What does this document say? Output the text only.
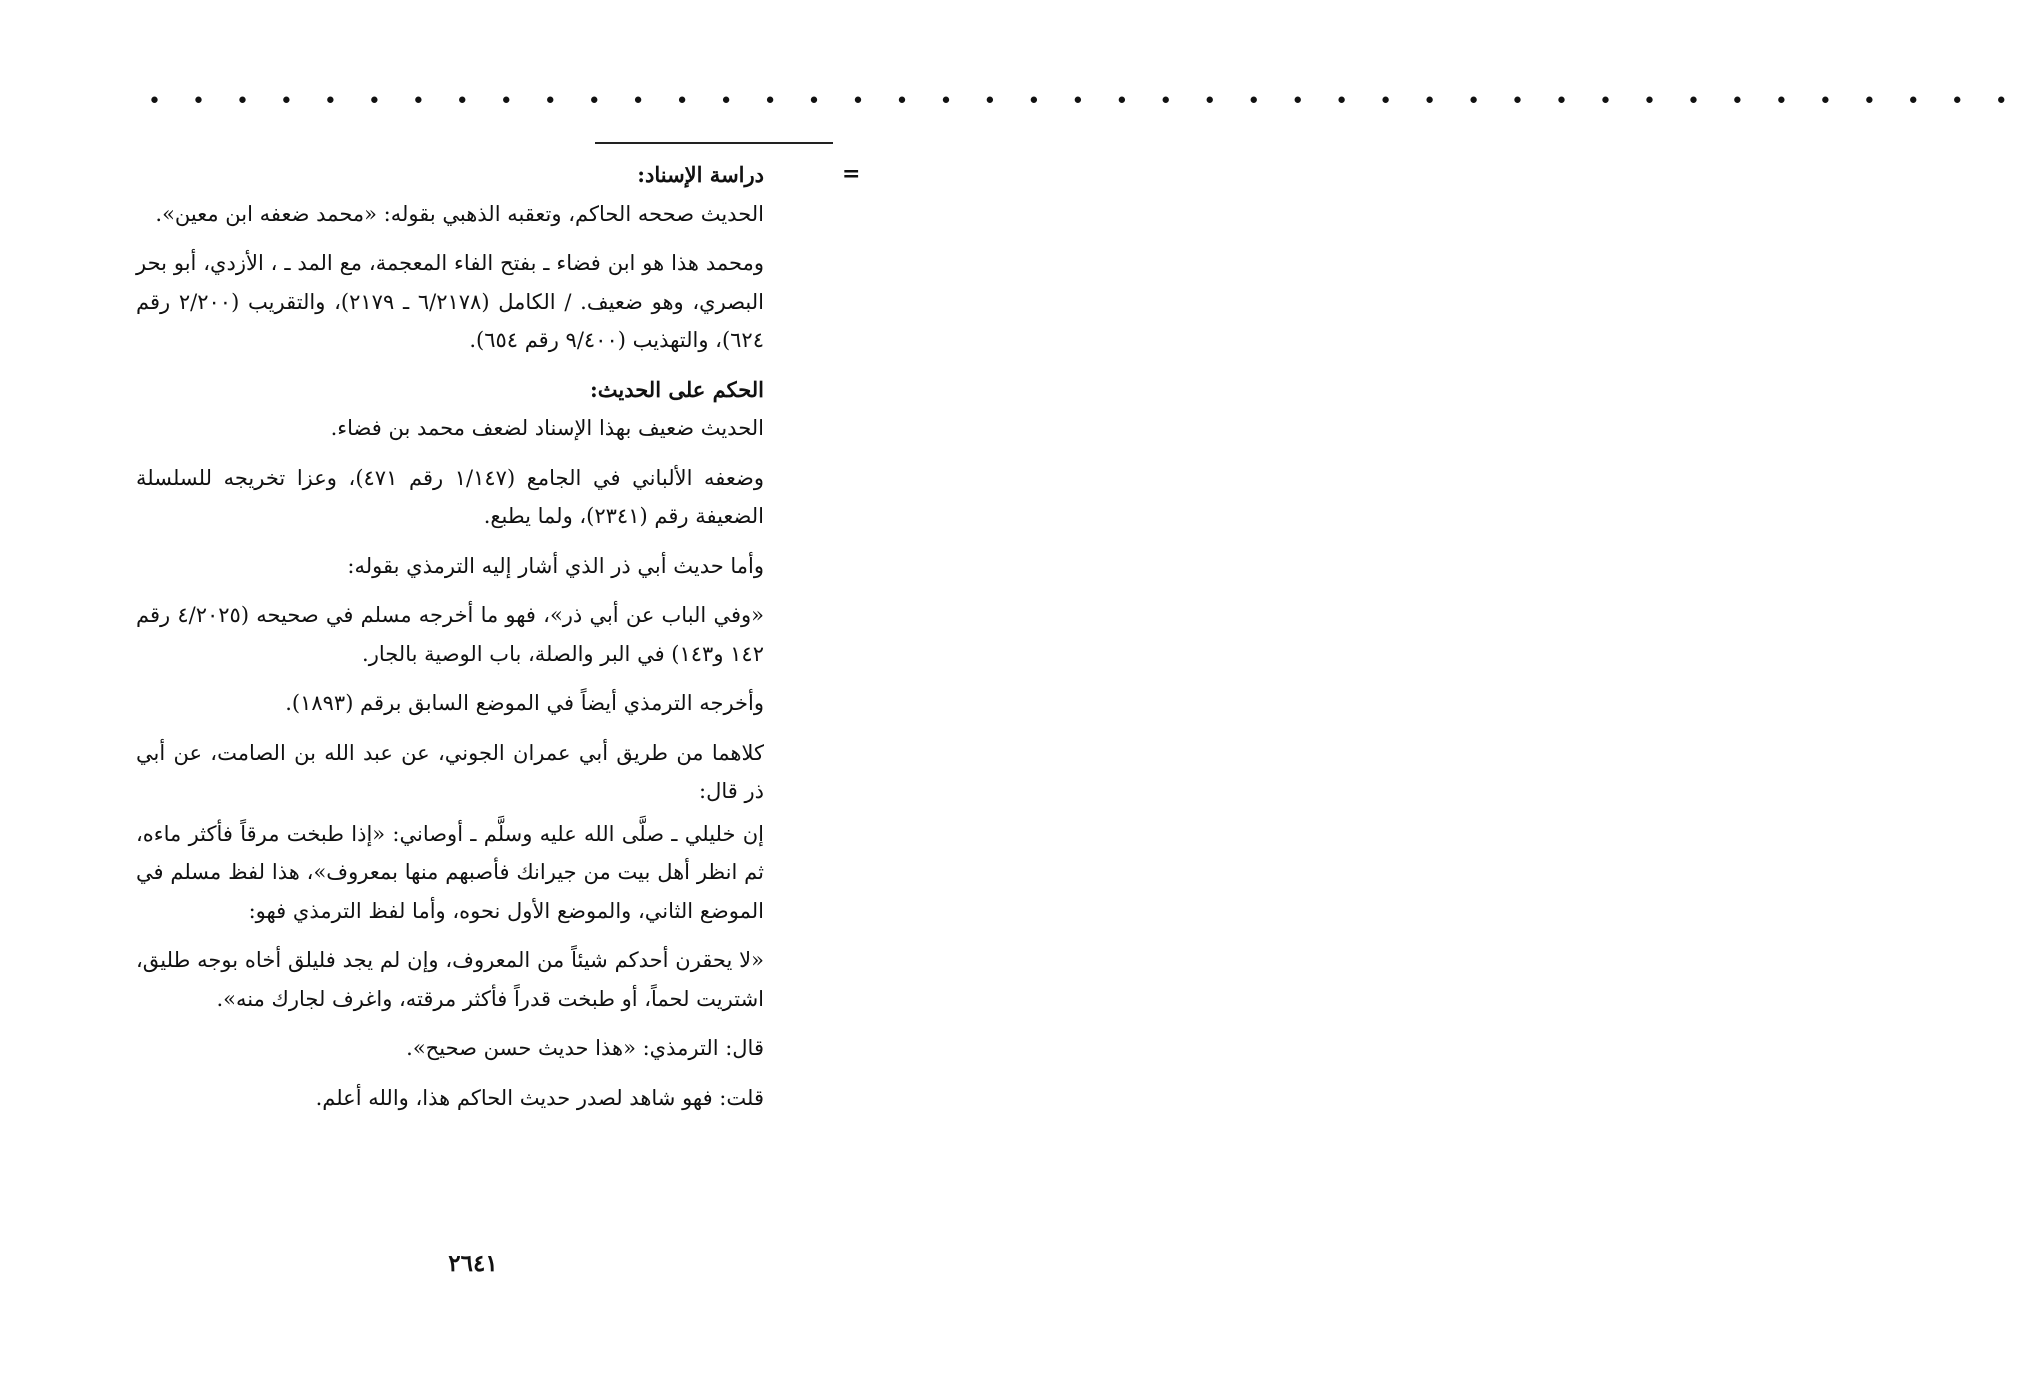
• • • • • • • • • • • • • • • • • • • • • • • • • • • • • • • • • • • • • • • • • • •
=
دراسة الإسناد:

الحديث صححه الحاكم، وتعقبه الذهبي بقوله: «محمد ضعفه ابن معين».

ومحمد هذا هو ابن فضاء ـ بفتح الفاء المعجمة، مع المد ـ ، الأزدي، أبو بحر البصري، وهو ضعيف. / الكامل (٦/٢١٧٨ ـ ٢١٧٩)، والتقريب (٢/٢٠٠ رقم ٦٢٤)، والتهذيب (٩/٤٠٠ رقم ٦٥٤).

الحكم على الحديث:

الحديث ضعيف بهذا الإسناد لضعف محمد بن فضاء.

وضعفه الألباني في الجامع (١/١٤٧ رقم ٤٧١)، وعزا تخريجه للسلسلة الضعيفة رقم (٢٣٤١)، ولما يطبع.

وأما حديث أبي ذر الذي أشار إليه الترمذي بقوله:

«وفي الباب عن أبي ذر»، فهو ما أخرجه مسلم في صحيحه (٤/٢٠٢٥ رقم ١٤٢ و١٤٣) في البر والصلة، باب الوصية بالجار.

وأخرجه الترمذي أيضاً في الموضع السابق برقم (١٨٩٣).

كلاهما من طريق أبي عمران الجوني، عن عبد الله بن الصامت، عن أبي ذر قال:

إن خليلي ـ صلَّى الله عليه وسلَّم ـ أوصاني: «إذا طبخت مرقاً فأكثر ماءه، ثم انظر أهل بيت من جيرانك فأصبهم منها بمعروف»، هذا لفظ مسلم في الموضع الثاني، والموضع الأول نحوه، وأما لفظ الترمذي فهو:

«لا يحقرن أحدكم شيئاً من المعروف، وإن لم يجد فليلق أخاه بوجه طليق، اشتريت لحماً، أو طبخت قدراً فأكثر مرقته، واغرف لجارك منه».

قال: الترمذي: «هذا حديث حسن صحيح».

قلت: فهو شاهد لصدر حديث الحاكم هذا، والله أعلم.

٢٦٤١
